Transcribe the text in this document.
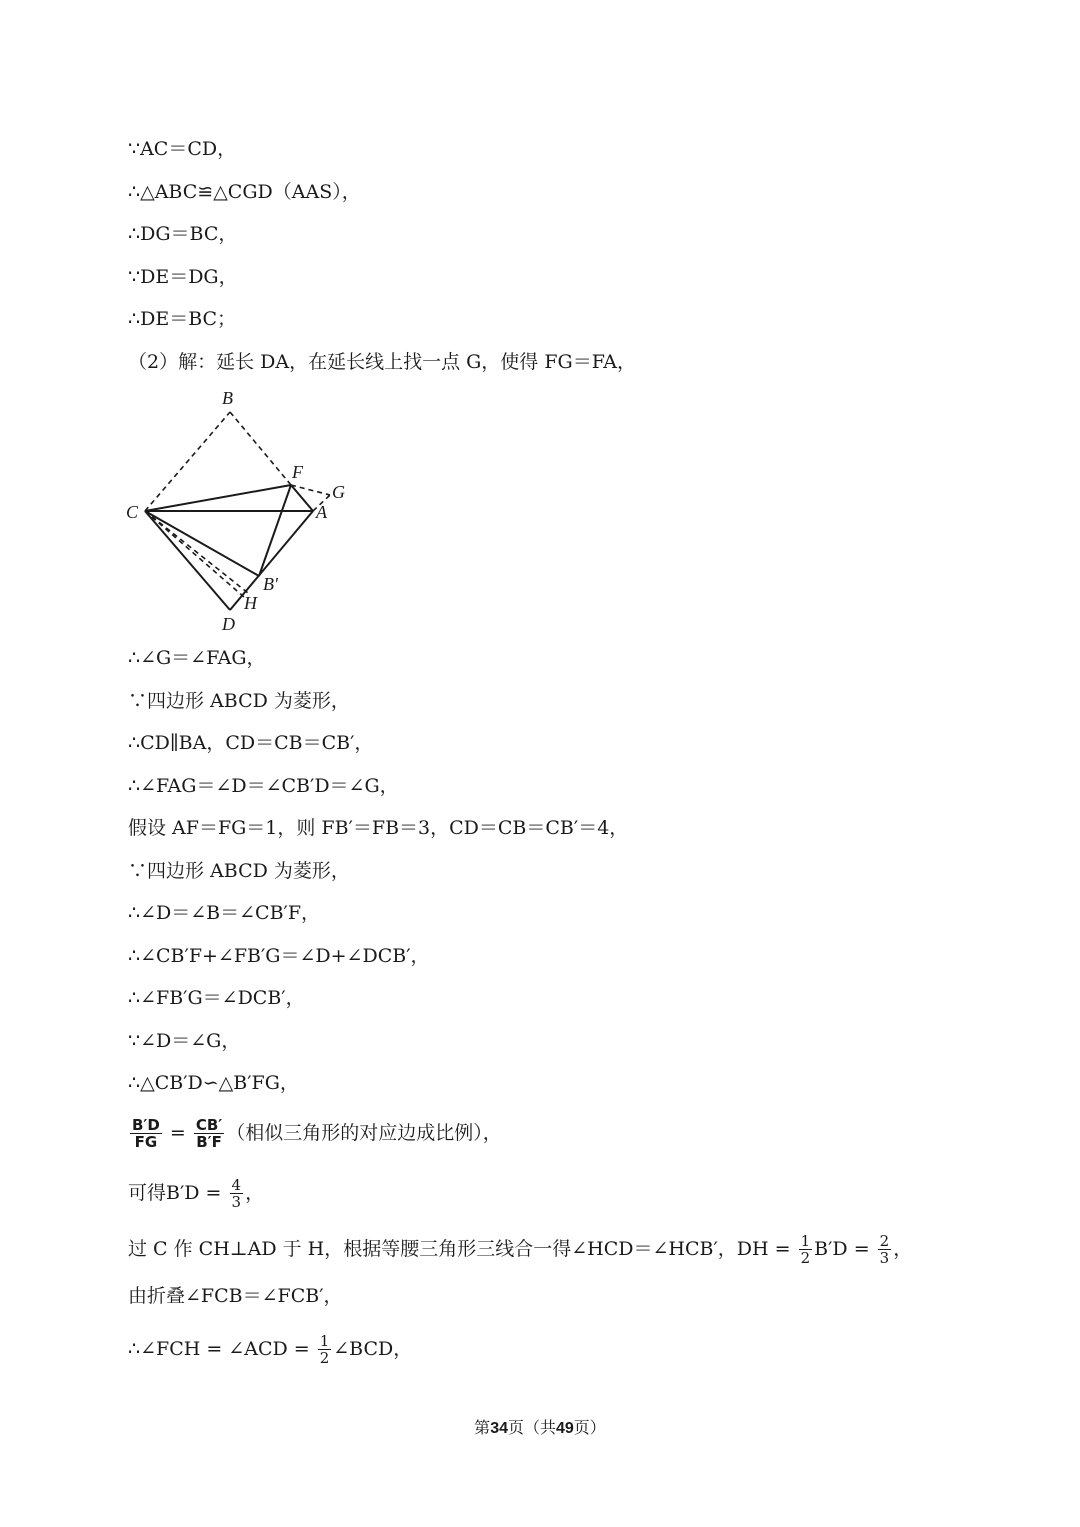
∵AC＝CD，
∴△ABC≌△CGD（AAS），
∴DG＝BC，
∵DE＝DG，
∴DE＝BC；
（2）解：延长 DA，在延长线上找一点 G，使得 FG＝FA，
B
F
G
C	A
B′
H
D
∴∠G＝∠FAG，
∵四边形 ABCD 为菱形，
∴CD∥BA，CD＝CB＝CB′，
∴∠FAG＝∠D＝∠CB′D＝∠G，
假设 AF＝FG＝1，则 FB′＝FB＝3，CD＝CB＝CB′＝4，
∵四边形 ABCD 为菱形，
∴∠D＝∠B＝∠CB′F，
∴∠CB′F+∠FB′G＝∠D+∠DCB′，
∴∠FB′G＝∠DCB′，
∵∠D＝∠G，
∴△CB′D∽△B′FG，
$\frac{B'D}{FG} = \frac{CB'}{B'F}$ （相似三角形的对应边成比例），
可得$B'D = \frac{4}{3}$ ，
过 C 作 CH⊥AD 于 H，根据等腰三角形三线合一得∠HCD＝∠HCB′，DH = $\frac{1}{2} B'D = \frac{2}{3}$ ，
由折叠∠FCB＝∠FCB′，
∴∠FCH = ∠ACD = $\frac{1}{2}$ ∠BCD，
第34页（共49页）
